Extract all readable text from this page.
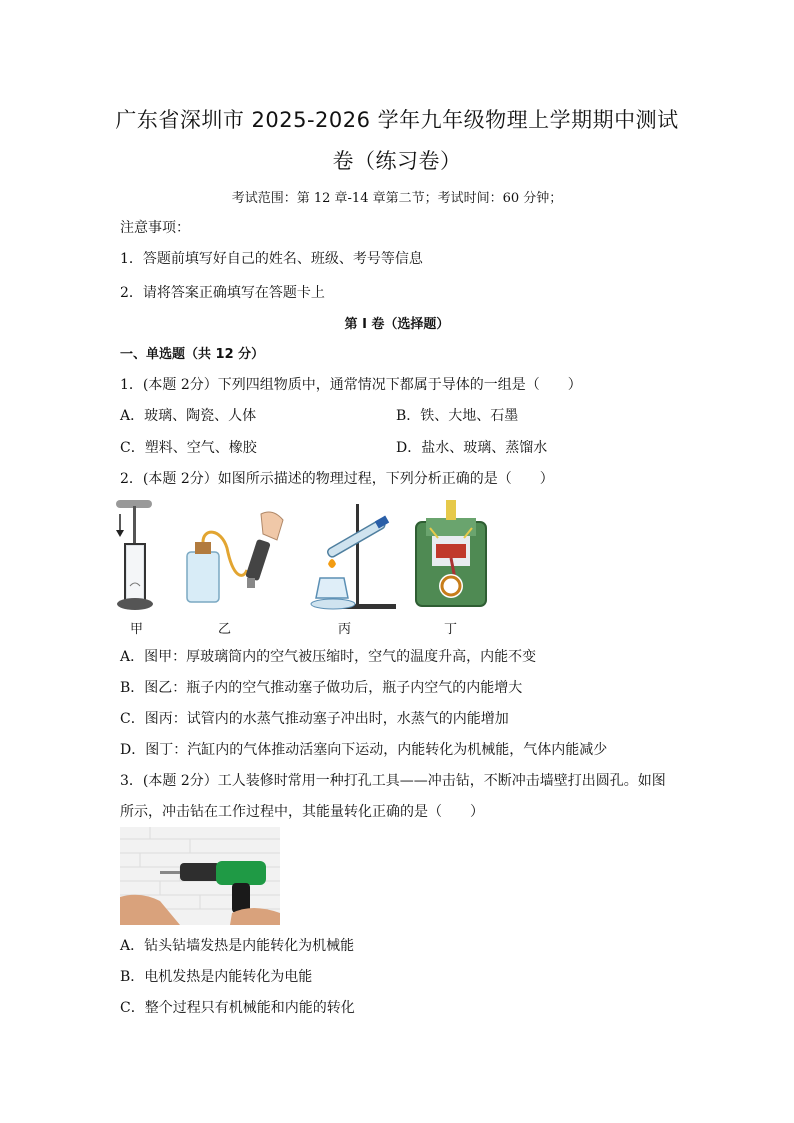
广东省深圳市 2025-2026 学年九年级物理上学期期中测试
卷（练习卷）
考试范围：第 12 章-14 章第二节；考试时间：60 分钟；
注意事项：
1．答题前填写好自己的姓名、班级、考号等信息
2．请将答案正确填写在答题卡上
第 I 卷（选择题）
一、单选题（共 12 分）
1．(本题 2分）下列四组物质中，通常情况下都属于导体的一组是（　　）
A．玻璃、陶瓷、人体	B．铁、大地、石墨
C．塑料、空气、橡胶	D．盐水、玻璃、蒸馏水
2．(本题 2分）如图所示描述的物理过程，下列分析正确的是（　　）
甲	乙	丙	丁
A．图甲：厚玻璃筒内的空气被压缩时，空气的温度升高，内能不变
B．图乙：瓶子内的空气推动塞子做功后，瓶子内空气的内能增大
C．图丙：试管内的水蒸气推动塞子冲出时，水蒸气的内能增加
D．图丁：汽缸内的气体推动活塞向下运动，内能转化为机械能，气体内能减少
3．(本题 2分）工人装修时常用一种打孔工具——冲击钻，不断冲击墙壁打出圆孔。如图
所示，冲击钻在工作过程中，其能量转化正确的是（　　）
A．钻头钻墙发热是内能转化为机械能
B．电机发热是内能转化为电能
C．整个过程只有机械能和内能的转化
